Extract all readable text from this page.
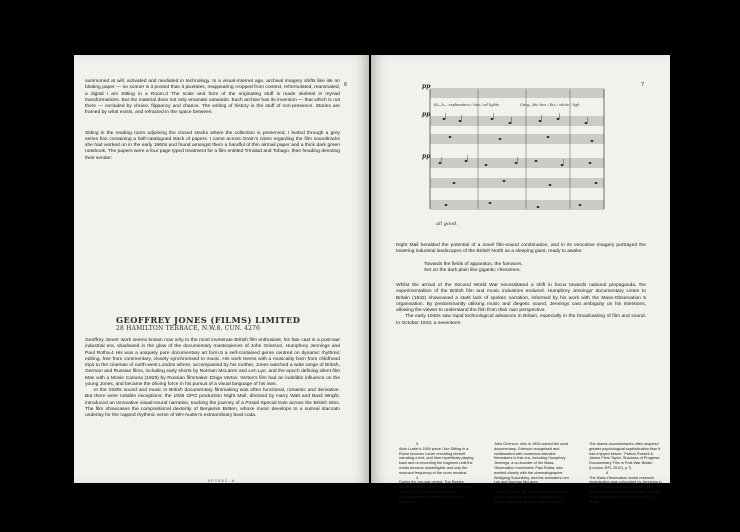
6

summoned at will, activated and mediated in technology. In a visual-internet age, archival imagery shifts like ink on blotting paper — no sooner is it posted than it pixelates, reappearing cropped from context, reformulated, reanimated, a digital I am Sitting in a Room.3 The scale and form of the originating stuff is made skeletal in myriad transformations. But the material does not only emanate outwards. Each archive has its inversion — that which is not there — excluded by choice, flippancy and chance. The writing of history is the stuff of non-presence. Stories are framed by what exists, and refracted in the space between.

Sitting in the reading room adjoining the closed stacks where the collection is preserved, I leafed through a grey series box containing a half-catalogued stack of papers. I came across Oram's notes regarding the film soundtracks she had worked on in the early 1960s and found amongst them a handful of thin airmail paper and a thick dark green notebook. The papers were a four page typed treatment for a film entitled Trinidad and Tobago, their heading denoting their sender:

GEOFFREY JONES (FILMS) LIMITED
28 HAMILTON TERRACE, N.W.8. CUN. 4276

Geoffrey Jones' work seems known now only to the most inveterate British film enthusiast, his fate cast in a post-war industrial era, shadowed in the glow of the documentary masterpieces of John Grierson, Humphrey Jennings and Paul Rotha.4 His was a uniquely pure documentary art form,5 a self-contained genre centred on dynamic rhythmic editing, free from commentary, closely synchronised to music. His work teems with a musicality born from childhood trips to the cinemas of north-west London where, accompanied by his mother, Jones watched a wide range of British, German and Russian films, including early shorts by Norman McLaren and Len Lye, and the epoch defining silent film Man with a Movie Camera (1929) by Russian filmmaker Dziga Vertov. Vertov's film had an indelible influence on the young Jones, and became the driving force in his pursuit of a visual language of his own.

In the 1930s sound and music in British documentary filmmaking was often functional, romantic and derivative. But there were notable exceptions: the 1936 GPO production Night Mail, directed by Harry Watt and Basil Wright, introduced an innovative visual-sound narrative, tracking the journey of a Postal Special train across the British Isles. The film showcases the compositional dexterity of Benjamin Britten, whose music develops to a surreal staccato underlay for the rapped rhythmic verse of WH Auden's extraordinary beat coda.

SPTRXC-A
7
pp
pp
pp
Ri—h— explanation / ties / ed lights	Garg—the ties / the / white / ligh
all good.

Night Mail heralded the potential of a novel film-sound combination, and in its evocative imagery portrayed the towering industrial landscapes of the British North as a sleeping giant, ready to awake:

Towards the fields of apparatus, the furnaces,

Set on the dark plain like gigantic chessmen.

Whilst the arrival of the Second World War necessitated a shift in focus towards national propaganda, the experimentalism of the British film and music industries endured. Humphrey Jennings' documentary Listen to Britain (1942) showcased a stark lack of spoken narration, informed by his work with the Mass-Observation 6 organisation. By predominantly utilising music and diegetic sound, Jennings cast ambiguity on his intentions, allowing the viewer to understand the film from their own perspective.

The early 1940s saw rapid technological advances in Britain, especially in the broadcasting of film and sound. In October 1943, a seventeen

3

Alvin Lucier's 1969 piece I Am Sitting in a Room involves Lucier recording himself narrating a text, and then repetitively playing back and re-recording the fragment until the words become unintelligible and only the resonant frequency of the room remains.

4

During the pre-war period, The Empire Marketing Board (EMP) and General Post Office (GPO) were headed by the groundbreaking Scottish documentary filmmaker

John Grierson, who in 1926 coined the word documentary. Grierson recognised and collaborated with numerous talented filmmakers in this era, including Humphrey Jennings, a co-founder of the Mass-Observation movement; Paul Rotha, who worked closely with the cinematographer Wolfgang Suschitzky, and the animators Len Lye and Norman McLaren.

5

Geoffrey Jones' [films] are probably the best-known examples of "pure" documentary, though there are many one-off examples.

The drama-documentaries often acquired greater psychological sophistication than it had enjoyed before.' Patrick Russell & James Piers Taylor, Shadows of Progress: Documentary Film in Post-War Britain (London: BFI, 2010), p.7)

6

The Mass-Observation social research organisation was cofounded by Jennings in 1937. The organisation sought to use anthropological methods to gather records of the every day lives of the people of Britain.
